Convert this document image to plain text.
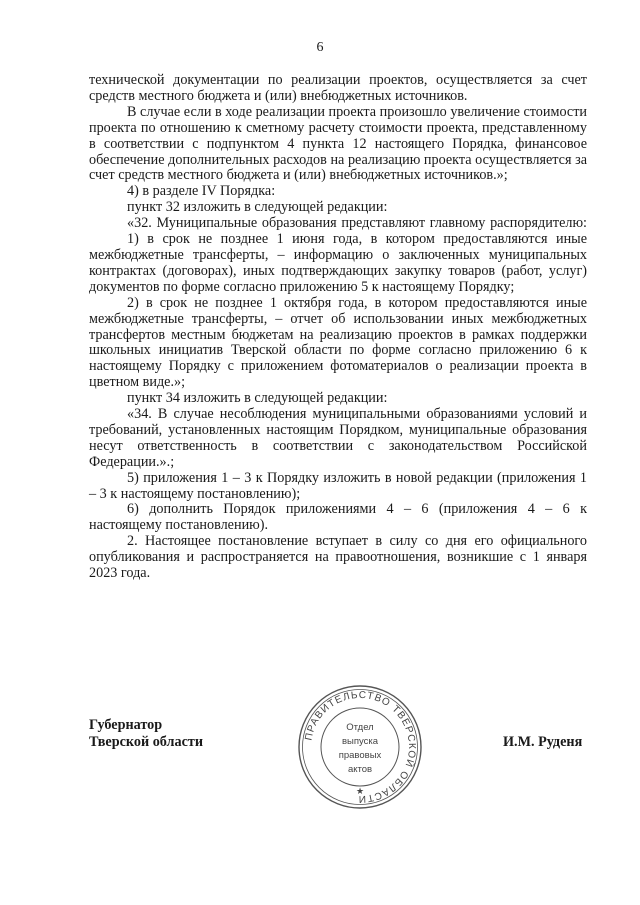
6

технической документации по реализации проектов, осуществляется за счет средств местного бюджета и (или) внебюджетных источников.

В случае если в ходе реализации проекта произошло увеличение стоимости проекта по отношению к сметному расчету стоимости проекта, представленному в соответствии с подпунктом 4 пункта 12 настоящего Порядка, финансовое обеспечение дополнительных расходов на реализацию проекта осуществляется за счет средств местного бюджета и (или) внебюджетных источников.»;

4) в разделе IV Порядка:

пункт 32 изложить в следующей редакции:

«32. Муниципальные образования представляют главному распорядителю:

1) в срок не позднее 1 июня года, в котором предоставляются иные межбюджетные трансферты, – информацию о заключенных муниципальных контрактах (договорах), иных подтверждающих закупку товаров (работ, услуг) документов по форме согласно приложению 5 к настоящему Порядку;

2) в срок не позднее 1 октября года, в котором предоставляются иные межбюджетные трансферты, – отчет об использовании иных межбюджетных трансфертов местным бюджетам на реализацию проектов в рамках поддержки школьных инициатив Тверской области по форме согласно приложению 6 к настоящему Порядку с приложением фотоматериалов о реализации проекта в цветном виде.»;

пункт 34 изложить в следующей редакции:

«34. В случае несоблюдения муниципальными образованиями условий и требований, установленных настоящим Порядком, муниципальные образования несут ответственность в соответствии с законодательством Российской Федерации.».;

5) приложения 1 – 3 к Порядку изложить в новой редакции (приложения 1 – 3 к настоящему постановлению);

6) дополнить Порядок приложениями 4 – 6 (приложения 4 – 6 к настоящему постановлению).

2. Настоящее постановление вступает в силу со дня его официального опубликования и распространяется на правоотношения, возникшие с 1 января 2023 года.

Губернатор
Тверской области	И.М. Руденя
ПРАВИТЕЛЬСТВО ТВЕРСКОЙ ОБЛАСТИ
★
Отдел
выпуска
правовых
актов
